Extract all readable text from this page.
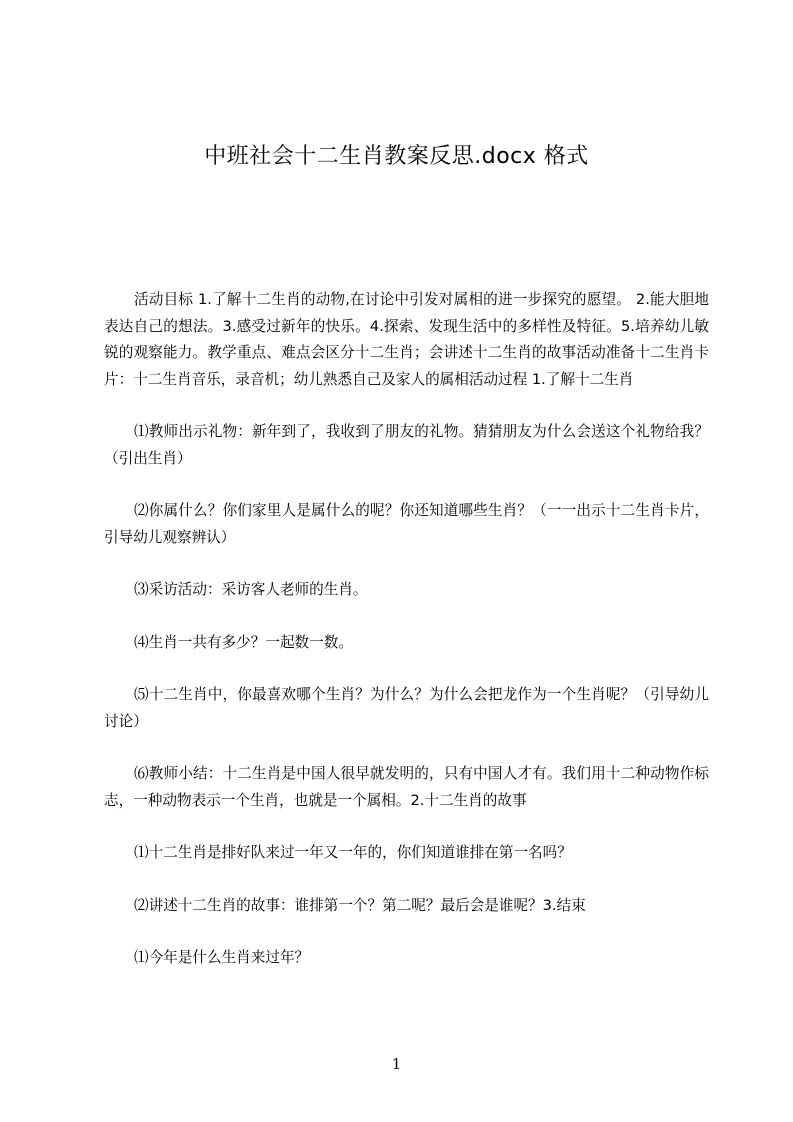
中班社会十二生肖教案反思.docx 格式

活动目标 1.了解十二生肖的动物,在讨论中引发对属相的进一步探究的愿望。 2.能大胆地表达自己的想法。3.感受过新年的快乐。4.探索、发现生活中的多样性及特征。5.培养幼儿敏锐的观察能力。教学重点、难点会区分十二生肖；会讲述十二生肖的故事活动准备十二生肖卡片：十二生肖音乐，录音机；幼儿熟悉自己及家人的属相活动过程 1.了解十二生肖

⑴教师出示礼物：新年到了，我收到了朋友的礼物。猜猜朋友为什么会送这个礼物给我？（引出生肖）

⑵你属什么？你们家里人是属什么的呢？你还知道哪些生肖？（一一出示十二生肖卡片，引导幼儿观察辨认）

⑶采访活动：采访客人老师的生肖。

⑷生肖一共有多少？一起数一数。

⑸十二生肖中，你最喜欢哪个生肖？为什么？为什么会把龙作为一个生肖呢？（引导幼儿讨论）

⑹教师小结：十二生肖是中国人很早就发明的，只有中国人才有。我们用十二种动物作标志，一种动物表示一个生肖，也就是一个属相。2.十二生肖的故事

⑴十二生肖是排好队来过一年又一年的，你们知道谁排在第一名吗？

⑵讲述十二生肖的故事：谁排第一个？第二呢？最后会是谁呢？3.结束

⑴今年是什么生肖来过年？

1
